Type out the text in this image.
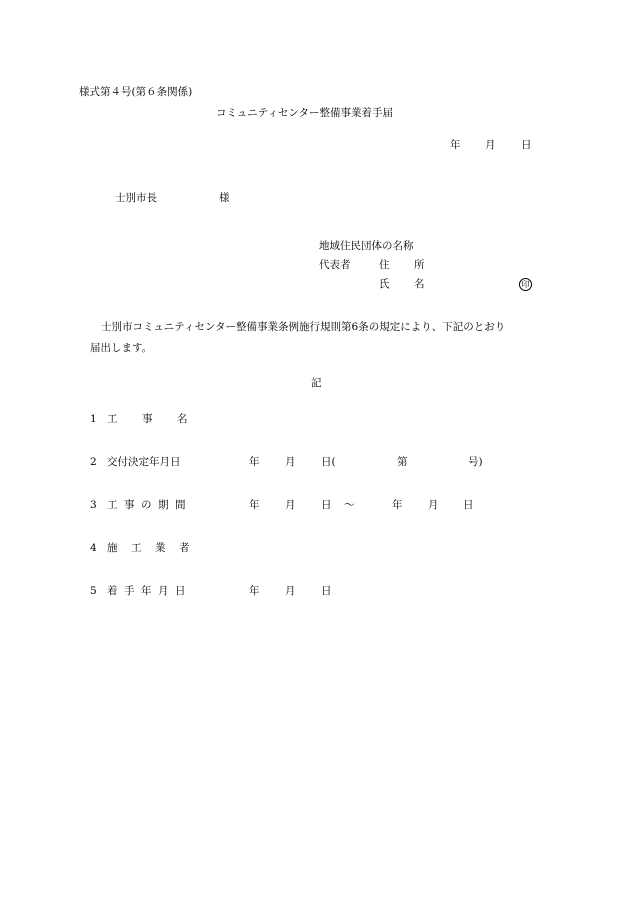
様式第４号(第６条関係)
コミュニティセンター整備事業着手届
年 月 日
士別市長	様
地域住民団体の名称
代表者	住 所
氏 名	印
士別市コミュニティセンター整備事業条例施行規則第6条の規定により、下記のとおり
届出します。
記
1 工 事 名
2 交付決定年月日	年 月 日(	第	号)
3 工 事 の 期 間	年 月 日 ～	年 月 日
4 施 工 業 者
5 着 手 年 月 日	年 月 日
